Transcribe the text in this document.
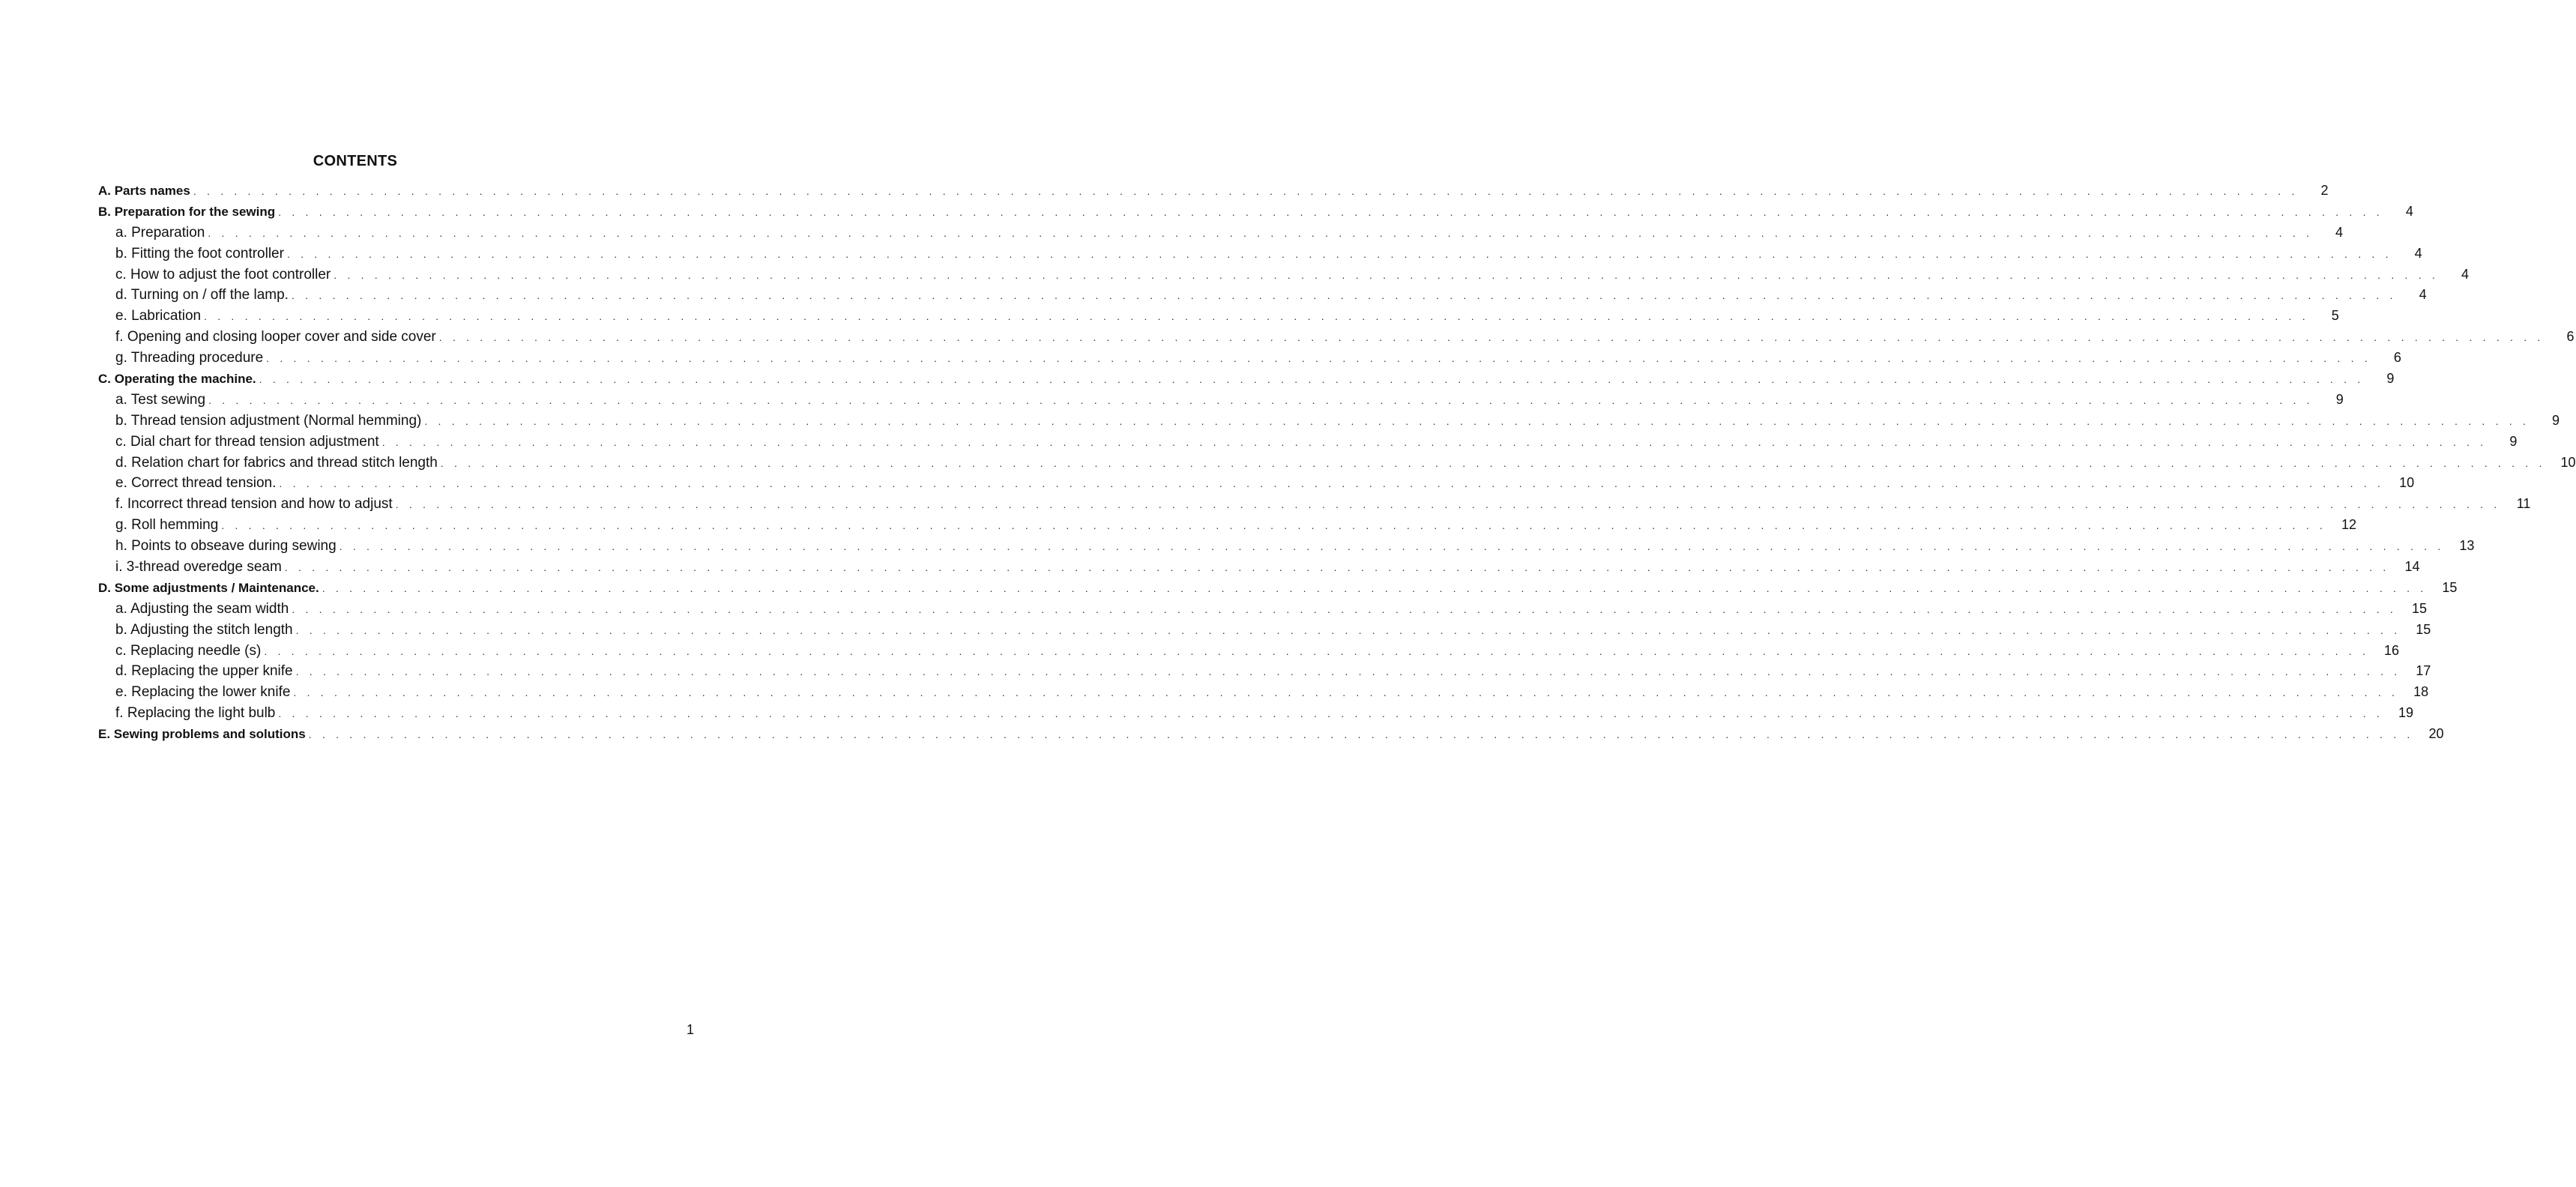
CONTENTS
A. Parts names . . . . . . . . . . . . . . . . . . . . . . . . . . . . . . . . . . . . . . . . . . . . . . . . . . . . . . . . . . . . . . . . . . . . . . . . . . . . . . . . . . . . . . . . . . . . . . . . . . . . . . . . . . . . . . . . . . . . . . . . . . . . . . . . . . . . . . . . . . . . . . . . . . . . . . . . . . .	2
B. Preparation for the sewing . . . . . . . . . . . . . . . . . . . . . . . . . . . . . . . . . . . . . . . . . . . . . . . . . . . . . . . . . . . . . . . . . . . . . . . . . . . . . . . . . . . . . . . . . . . . . . . . . . . . . . . . . . . . . . . . . . . . . . . . . . . . . . . . . . . . . . . . . . . . . . . . . . . . . . . . . . .	4
a. Preparation . . . . . . . . . . . . . . . . . . . . . . . . . . . . . . . . . . . . . . . . . . . . . . . . . . . . . . . . . . . . . . . . . . . . . . . . . . . . . . . . . . . . . . . . . . . . . . . . . . . . . . . . . . . . . . . . . . . . . . . . . . . . . . . . . . . . . . . . . . . . . . . . . . . . . . . . . . .	4
b. Fitting the foot controller . . . . . . . . . . . . . . . . . . . . . . . . . . . . . . . . . . . . . . . . . . . . . . . . . . . . . . . . . . . . . . . . . . . . . . . . . . . . . . . . . . . . . . . . . . . . . . . . . . . . . . . . . . . . . . . . . . . . . . . . . . . . . . . . . . . . . . . . . . . . . . . . . . . . . . . . . . .	4
c. How to adjust the foot controller . . . . . . . . . . . . . . . . . . . . . . . . . . . . . . . . . . . . . . . . . . . . . . . . . . . . . . . . . . . . . . . . . . . . . . . . . . . . . . . . . . . . . . . . . . . . . . . . . . . . . . . . . . . . . . . . . . . . . . . . . . . . . . . . . . . . . . . . . . . . . . . . . . . . . . . . . . .	4
d. Turning on / off the lamp. . . . . . . . . . . . . . . . . . . . . . . . . . . . . . . . . . . . . . . . . . . . . . . . . . . . . . . . . . . . . . . . . . . . . . . . . . . . . . . . . . . . . . . . . . . . . . . . . . . . . . . . . . . . . . . . . . . . . . . . . . . . . . . . . . . . . . . . . . . . . . . . . . . . . . . . . . . .	4
e. Labrication . . . . . . . . . . . . . . . . . . . . . . . . . . . . . . . . . . . . . . . . . . . . . . . . . . . . . . . . . . . . . . . . . . . . . . . . . . . . . . . . . . . . . . . . . . . . . . . . . . . . . . . . . . . . . . . . . . . . . . . . . . . . . . . . . . . . . . . . . . . . . . . . . . . . . . . . . . .	5
f. Opening and closing looper cover and side cover . . . . . . . . . . . . . . . . . . . . . . . . . . . . . . . . . . . . . . . . . . . . . . . . . . . . . . . . . . . . . . . . . . . . . . . . . . . . . . . . . . . . . . . . . . . . . . . . . . . . . . . . . . . . . . . . . . . . . . . . . . . . . . . . . . . . . . . . . . . . . . . . . . . . . . . . . . .	6
g. Threading procedure . . . . . . . . . . . . . . . . . . . . . . . . . . . . . . . . . . . . . . . . . . . . . . . . . . . . . . . . . . . . . . . . . . . . . . . . . . . . . . . . . . . . . . . . . . . . . . . . . . . . . . . . . . . . . . . . . . . . . . . . . . . . . . . . . . . . . . . . . . . . . . . . . . . . . . . . . . .	6
C. Operating the machine. . . . . . . . . . . . . . . . . . . . . . . . . . . . . . . . . . . . . . . . . . . . . . . . . . . . . . . . . . . . . . . . . . . . . . . . . . . . . . . . . . . . . . . . . . . . . . . . . . . . . . . . . . . . . . . . . . . . . . . . . . . . . . . . . . . . . . . . . . . . . . . . . . . . . . . . . . . .	9
a. Test sewing . . . . . . . . . . . . . . . . . . . . . . . . . . . . . . . . . . . . . . . . . . . . . . . . . . . . . . . . . . . . . . . . . . . . . . . . . . . . . . . . . . . . . . . . . . . . . . . . . . . . . . . . . . . . . . . . . . . . . . . . . . . . . . . . . . . . . . . . . . . . . . . . . . . . . . . . . . .	9
b. Thread tension adjustment (Normal hemming) . . . . . . . . . . . . . . . . . . . . . . . . . . . . . . . . . . . . . . . . . . . . . . . . . . . . . . . . . . . . . . . . . . . . . . . . . . . . . . . . . . . . . . . . . . . . . . . . . . . . . . . . . . . . . . . . . . . . . . . . . . . . . . . . . . . . . . . . . . . . . . . . . . . . . . . . . . .	9
c. Dial chart for thread tension adjustment . . . . . . . . . . . . . . . . . . . . . . . . . . . . . . . . . . . . . . . . . . . . . . . . . . . . . . . . . . . . . . . . . . . . . . . . . . . . . . . . . . . . . . . . . . . . . . . . . . . . . . . . . . . . . . . . . . . . . . . . . . . . . . . . . . . . . . . . . . . . . . . . . . . . . . . . . . .	9
d. Relation chart for fabrics and thread stitch length . . . . . . . . . . . . . . . . . . . . . . . . . . . . . . . . . . . . . . . . . . . . . . . . . . . . . . . . . . . . . . . . . . . . . . . . . . . . . . . . . . . . . . . . . . . . . . . . . . . . . . . . . . . . . . . . . . . . . . . . . . . . . . . . . . . . . . . . . . . . . . . . . . . . . . . . . . .	10
e. Correct thread tension. . . . . . . . . . . . . . . . . . . . . . . . . . . . . . . . . . . . . . . . . . . . . . . . . . . . . . . . . . . . . . . . . . . . . . . . . . . . . . . . . . . . . . . . . . . . . . . . . . . . . . . . . . . . . . . . . . . . . . . . . . . . . . . . . . . . . . . . . . . . . . . . . . . . . . . . . . . .	10
f. Incorrect thread tension and how to adjust . . . . . . . . . . . . . . . . . . . . . . . . . . . . . . . . . . . . . . . . . . . . . . . . . . . . . . . . . . . . . . . . . . . . . . . . . . . . . . . . . . . . . . . . . . . . . . . . . . . . . . . . . . . . . . . . . . . . . . . . . . . . . . . . . . . . . . . . . . . . . . . . . . . . . . . . . . .	11
g. Roll hemming . . . . . . . . . . . . . . . . . . . . . . . . . . . . . . . . . . . . . . . . . . . . . . . . . . . . . . . . . . . . . . . . . . . . . . . . . . . . . . . . . . . . . . . . . . . . . . . . . . . . . . . . . . . . . . . . . . . . . . . . . . . . . . . . . . . . . . . . . . . . . . . . . . . . . . . . . . .	12
h. Points to obseave during sewing . . . . . . . . . . . . . . . . . . . . . . . . . . . . . . . . . . . . . . . . . . . . . . . . . . . . . . . . . . . . . . . . . . . . . . . . . . . . . . . . . . . . . . . . . . . . . . . . . . . . . . . . . . . . . . . . . . . . . . . . . . . . . . . . . . . . . . . . . . . . . . . . . . . . . . . . . . .	13
i. 3-thread overedge seam . . . . . . . . . . . . . . . . . . . . . . . . . . . . . . . . . . . . . . . . . . . . . . . . . . . . . . . . . . . . . . . . . . . . . . . . . . . . . . . . . . . . . . . . . . . . . . . . . . . . . . . . . . . . . . . . . . . . . . . . . . . . . . . . . . . . . . . . . . . . . . . . . . . . . . . . . . .	14
D. Some adjustments / Maintenance. . . . . . . . . . . . . . . . . . . . . . . . . . . . . . . . . . . . . . . . . . . . . . . . . . . . . . . . . . . . . . . . . . . . . . . . . . . . . . . . . . . . . . . . . . . . . . . . . . . . . . . . . . . . . . . . . . . . . . . . . . . . . . . . . . . . . . . . . . . . . . . . . . . . . . . . . . . .	15
a. Adjusting the seam width . . . . . . . . . . . . . . . . . . . . . . . . . . . . . . . . . . . . . . . . . . . . . . . . . . . . . . . . . . . . . . . . . . . . . . . . . . . . . . . . . . . . . . . . . . . . . . . . . . . . . . . . . . . . . . . . . . . . . . . . . . . . . . . . . . . . . . . . . . . . . . . . . . . . . . . . . . .	15
b. Adjusting the stitch length . . . . . . . . . . . . . . . . . . . . . . . . . . . . . . . . . . . . . . . . . . . . . . . . . . . . . . . . . . . . . . . . . . . . . . . . . . . . . . . . . . . . . . . . . . . . . . . . . . . . . . . . . . . . . . . . . . . . . . . . . . . . . . . . . . . . . . . . . . . . . . . . . . . . . . . . . . .	15
c. Replacing needle (s) . . . . . . . . . . . . . . . . . . . . . . . . . . . . . . . . . . . . . . . . . . . . . . . . . . . . . . . . . . . . . . . . . . . . . . . . . . . . . . . . . . . . . . . . . . . . . . . . . . . . . . . . . . . . . . . . . . . . . . . . . . . . . . . . . . . . . . . . . . . . . . . . . . . . . . . . . . .	16
d. Replacing the upper knife . . . . . . . . . . . . . . . . . . . . . . . . . . . . . . . . . . . . . . . . . . . . . . . . . . . . . . . . . . . . . . . . . . . . . . . . . . . . . . . . . . . . . . . . . . . . . . . . . . . . . . . . . . . . . . . . . . . . . . . . . . . . . . . . . . . . . . . . . . . . . . . . . . . . . . . . . . .	17
e. Replacing the lower knife . . . . . . . . . . . . . . . . . . . . . . . . . . . . . . . . . . . . . . . . . . . . . . . . . . . . . . . . . . . . . . . . . . . . . . . . . . . . . . . . . . . . . . . . . . . . . . . . . . . . . . . . . . . . . . . . . . . . . . . . . . . . . . . . . . . . . . . . . . . . . . . . . . . . . . . . . . .	18
f. Replacing the light bulb . . . . . . . . . . . . . . . . . . . . . . . . . . . . . . . . . . . . . . . . . . . . . . . . . . . . . . . . . . . . . . . . . . . . . . . . . . . . . . . . . . . . . . . . . . . . . . . . . . . . . . . . . . . . . . . . . . . . . . . . . . . . . . . . . . . . . . . . . . . . . . . . . . . . . . . . . . .	19
E. Sewing problems and solutions . . . . . . . . . . . . . . . . . . . . . . . . . . . . . . . . . . . . . . . . . . . . . . . . . . . . . . . . . . . . . . . . . . . . . . . . . . . . . . . . . . . . . . . . . . . . . . . . . . . . . . . . . . . . . . . . . . . . . . . . . . . . . . . . . . . . . . . . . . . . . . . . . . . . . . . . . . .	20
1
